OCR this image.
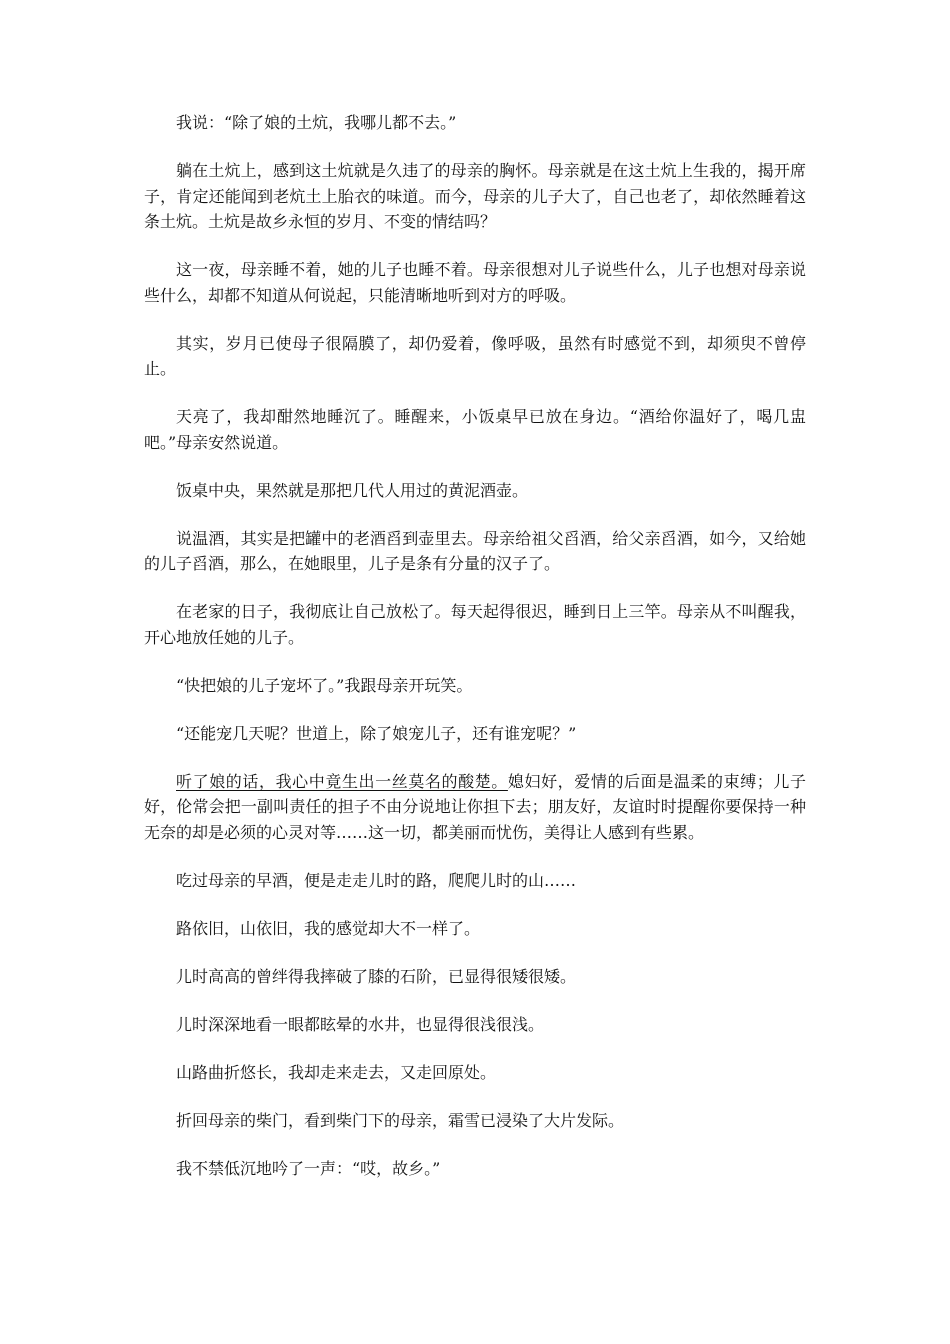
我说：“除了娘的土炕，我哪儿都不去。”

躺在土炕上，感到这土炕就是久违了的母亲的胸怀。母亲就是在这土炕上生我的，揭开席子，肯定还能闻到老炕土上胎衣的味道。而今，母亲的儿子大了，自己也老了，却依然睡着这条土炕。土炕是故乡永恒的岁月、不变的情结吗？

这一夜，母亲睡不着，她的儿子也睡不着。母亲很想对儿子说些什么，儿子也想对母亲说些什么，却都不知道从何说起，只能清晰地听到对方的呼吸。

其实，岁月已使母子很隔膜了，却仍爱着，像呼吸，虽然有时感觉不到，却须臾不曾停止。

天亮了，我却酣然地睡沉了。睡醒来，小饭桌早已放在身边。“酒给你温好了，喝几盅吧。”母亲安然说道。

饭桌中央，果然就是那把几代人用过的黄泥酒壶。

说温酒，其实是把罐中的老酒舀到壶里去。母亲给祖父舀酒，给父亲舀酒，如今，又给她的儿子舀酒，那么，在她眼里，儿子是条有分量的汉子了。

在老家的日子，我彻底让自己放松了。每天起得很迟，睡到日上三竿。母亲从不叫醒我，开心地放任她的儿子。

“快把娘的儿子宠坏了。”我跟母亲开玩笑。

“还能宠几天呢？世道上，除了娘宠儿子，还有谁宠呢？”

听了娘的话，我心中竟生出一丝莫名的酸楚。媳妇好，爱情的后面是温柔的束缚；儿子好，伦常会把一副叫责任的担子不由分说地让你担下去；朋友好，友谊时时提醒你要保持一种无奈的却是必须的心灵对等……这一切，都美丽而忧伤，美得让人感到有些累。

吃过母亲的早酒，便是走走儿时的路，爬爬儿时的山……

路依旧，山依旧，我的感觉却大不一样了。

儿时高高的曾绊得我摔破了膝的石阶，已显得很矮很矮。

儿时深深地看一眼都眩晕的水井，也显得很浅很浅。

山路曲折悠长，我却走来走去，又走回原处。

折回母亲的柴门，看到柴门下的母亲，霜雪已浸染了大片发际。

我不禁低沉地吟了一声：“哎，故乡。”
